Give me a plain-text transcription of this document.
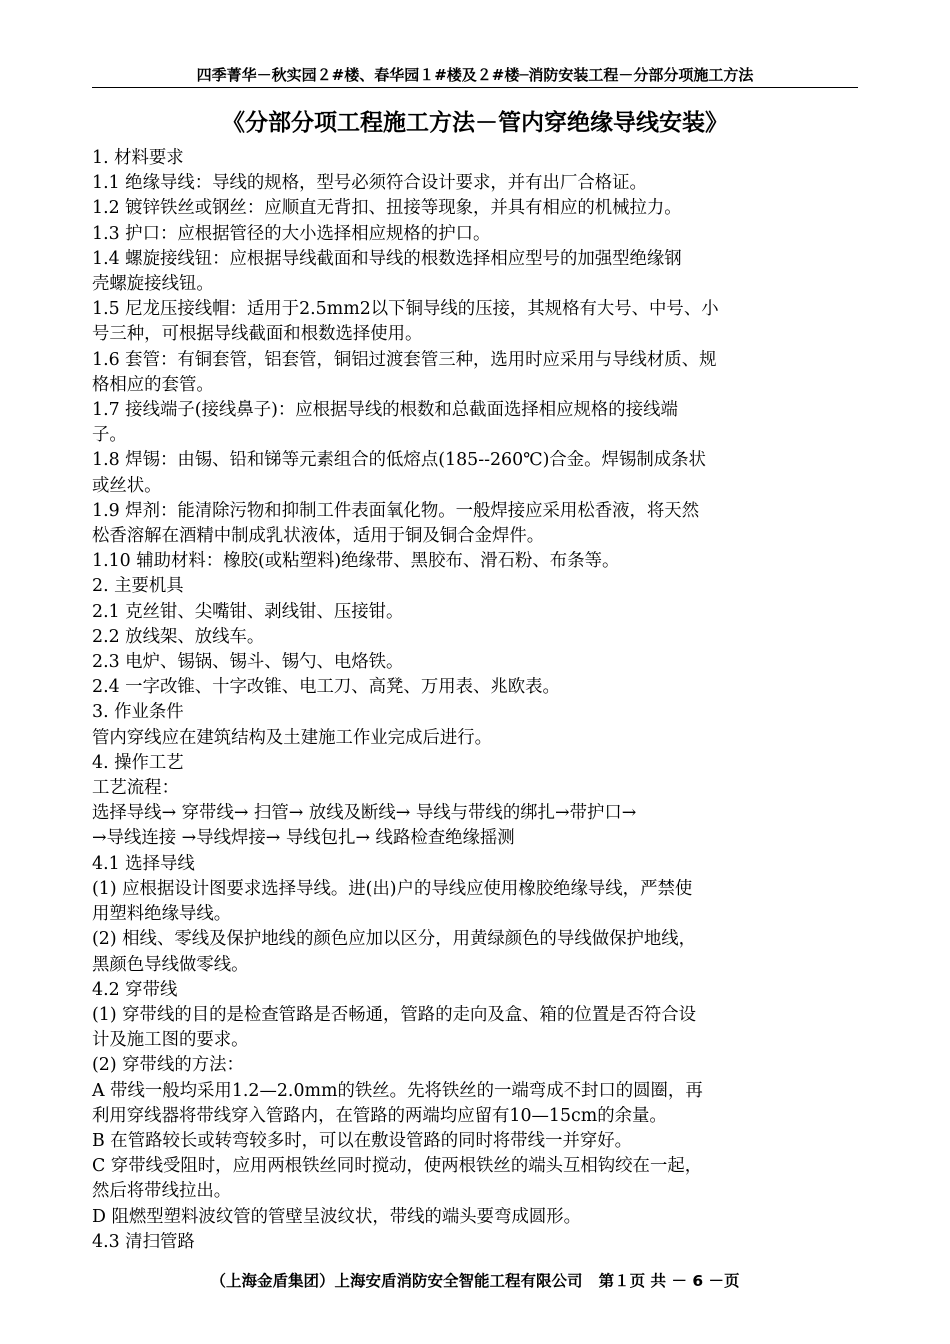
四季菁华－秋实园２#楼、春华园１#楼及２#楼─消防安装工程－分部分项施工方法
《分部分项工程施工方法－管内穿绝缘导线安装》

1. 材料要求

1.1 绝缘导线：导线的规格，型号必须符合设计要求，并有出厂合格证。

1.2 镀锌铁丝或钢丝：应顺直无背扣、扭接等现象，并具有相应的机械拉力。

1.3 护口：应根据管径的大小选择相应规格的护口。

1.4 螺旋接线钮：应根据导线截面和导线的根数选择相应型号的加强型绝缘钢

壳螺旋接线钮。

1.5 尼龙压接线帽：适用于2.5mm2以下铜导线的压接，其规格有大号、中号、小

号三种，可根据导线截面和根数选择使用。

1.6 套管：有铜套管，铝套管，铜铝过渡套管三种，选用时应采用与导线材质、规

格相应的套管。

1.7 接线端子(接线鼻子)：应根据导线的根数和总截面选择相应规格的接线端

子。

1.8 焊锡：由锡、铅和锑等元素组合的低熔点(185--260℃)合金。焊锡制成条状

或丝状。

1.9 焊剂：能清除污物和抑制工件表面氧化物。一般焊接应采用松香液，将天然

松香溶解在酒精中制成乳状液体，适用于铜及铜合金焊件。

1.10 辅助材料：橡胶(或粘塑料)绝缘带、黑胶布、滑石粉、布条等。

2. 主要机具

2.1 克丝钳、尖嘴钳、剥线钳、压接钳。

2.2 放线架、放线车。

2.3 电炉、锡锅、锡斗、锡勺、电烙铁。

2.4 一字改锥、十字改锥、电工刀、高凳、万用表、兆欧表。

3. 作业条件

管内穿线应在建筑结构及土建施工作业完成后进行。

4. 操作工艺

工艺流程：

选择导线→ 穿带线→ 扫管→ 放线及断线→ 导线与带线的绑扎→带护口→

→导线连接 →导线焊接→ 导线包扎→ 线路检查绝缘摇测

4.1 选择导线

(1) 应根据设计图要求选择导线。进(出)户的导线应使用橡胶绝缘导线，严禁使

用塑料绝缘导线。

(2) 相线、零线及保护地线的颜色应加以区分，用黄绿颜色的导线做保护地线，

黑颜色导线做零线。

4.2 穿带线

(1) 穿带线的目的是检查管路是否畅通，管路的走向及盒、箱的位置是否符合设

计及施工图的要求。

(2) 穿带线的方法：

A 带线一般均采用1.2—2.0mm的铁丝。先将铁丝的一端弯成不封口的圆圈，再

利用穿线器将带线穿入管路内，在管路的两端均应留有10—15cm的余量。

B 在管路较长或转弯较多时，可以在敷设管路的同时将带线一并穿好。

C 穿带线受阻时，应用两根铁丝同时搅动，使两根铁丝的端头互相钩绞在一起，

然后将带线拉出。

D 阻燃型塑料波纹管的管壁呈波纹状，带线的端头要弯成圆形。

4.3 清扫管路

（上海金盾集团）上海安盾消防安全智能工程有限公司   第１页 共 － 6 －页
